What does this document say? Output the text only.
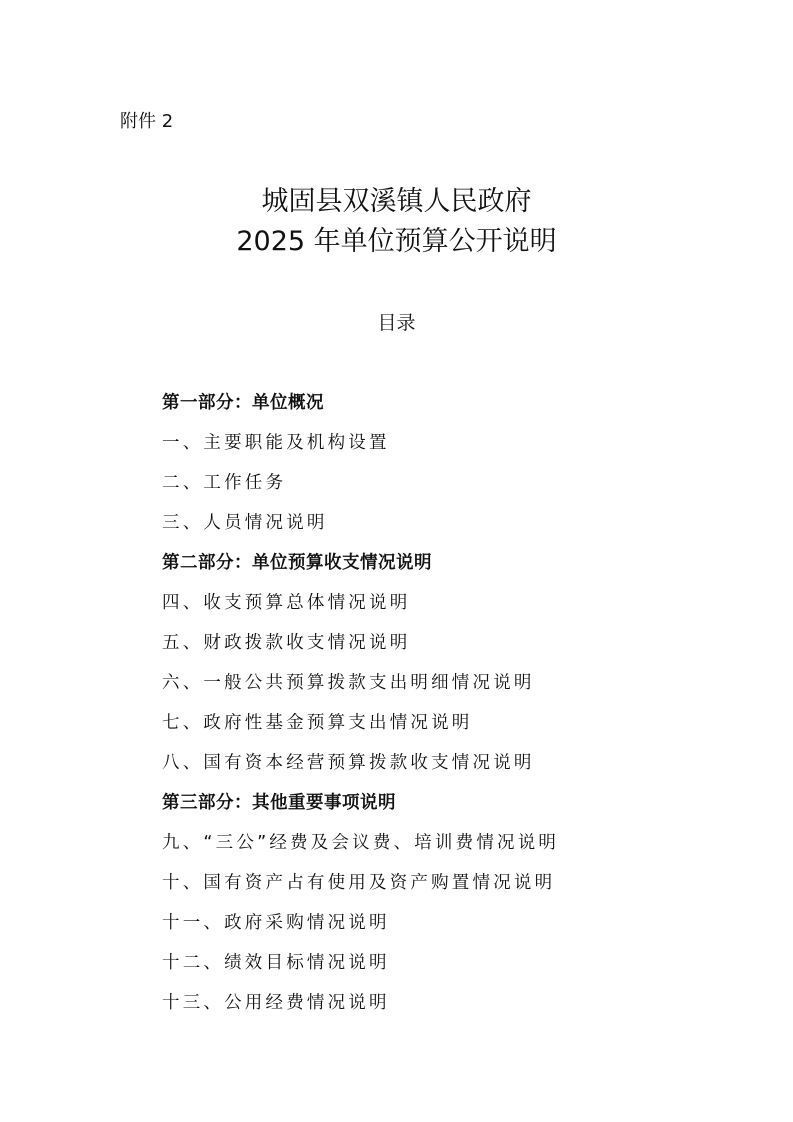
附件 2
城固县双溪镇人民政府
2025 年单位预算公开说明
目录
第一部分：单位概况
一、主要职能及机构设置
二、工作任务
三、人员情况说明
第二部分：单位预算收支情况说明
四、收支预算总体情况说明
五、财政拨款收支情况说明
六、一般公共预算拨款支出明细情况说明
七、政府性基金预算支出情况说明
八、国有资本经营预算拨款收支情况说明
第三部分：其他重要事项说明
九、“三公”经费及会议费、培训费情况说明
十、国有资产占有使用及资产购置情况说明
十一、政府采购情况说明
十二、绩效目标情况说明
十三、公用经费情况说明
